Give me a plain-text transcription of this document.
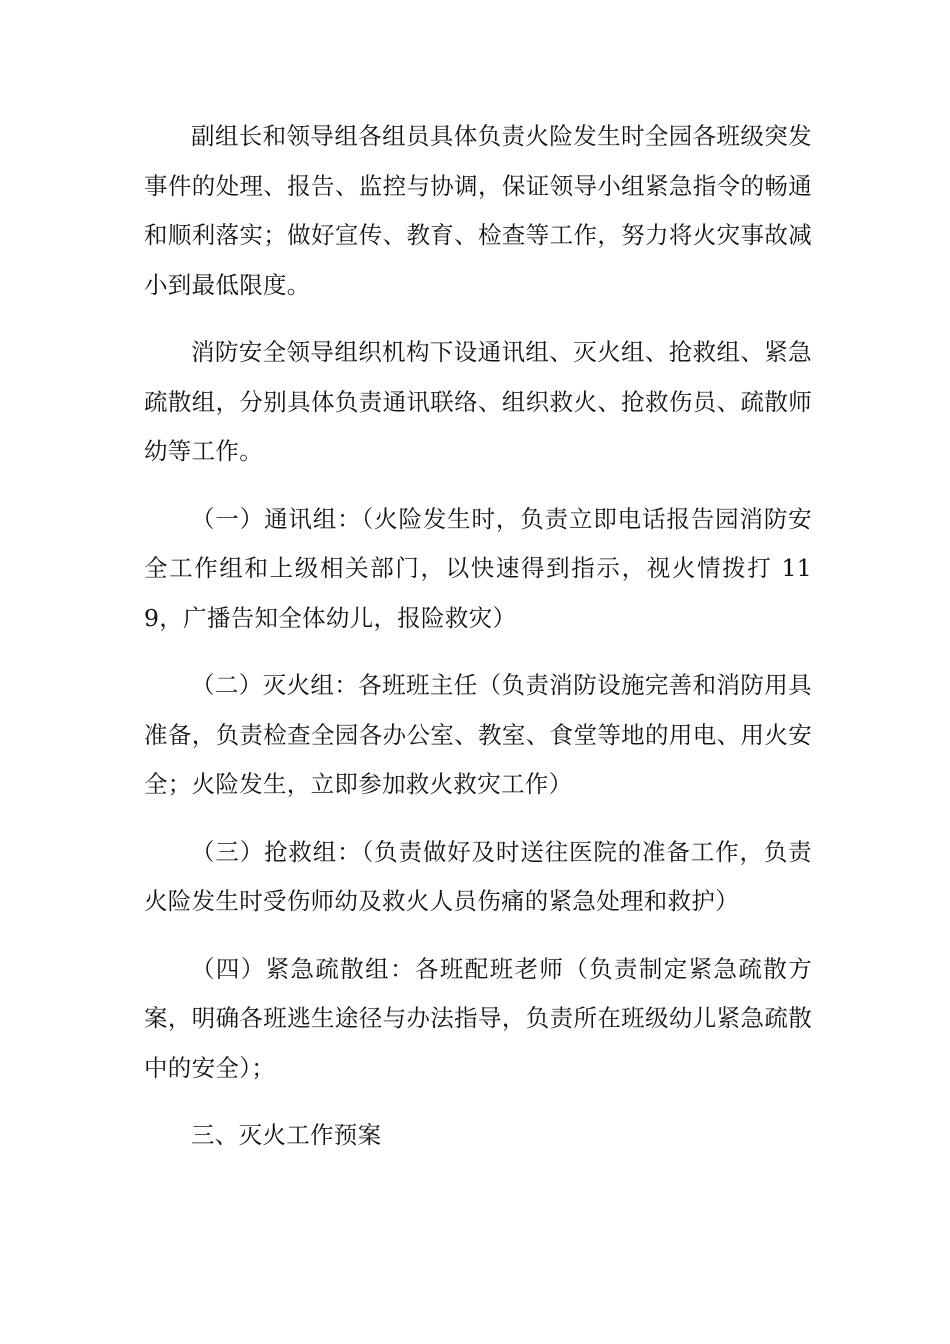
副组长和领导组各组员具体负责火险发生时全园各班级突发事件的处理、报告、监控与协调，保证领导小组紧急指令的畅通和顺利落实；做好宣传、教育、检查等工作，努力将火灾事故减小到最低限度。

消防安全领导组织机构下设通讯组、灭火组、抢救组、紧急疏散组，分别具体负责通讯联络、组织救火、抢救伤员、疏散师幼等工作。

（一）通讯组：（火险发生时，负责立即电话报告园消防安全工作组和上级相关部门，以快速得到指示，视火情拨打 119，广播告知全体幼儿，报险救灾）

（二）灭火组：各班班主任（负责消防设施完善和消防用具准备，负责检查全园各办公室、教室、食堂等地的用电、用火安全；火险发生，立即参加救火救灾工作）

（三）抢救组：（负责做好及时送往医院的准备工作，负责火险发生时受伤师幼及救火人员伤痛的紧急处理和救护）

（四）紧急疏散组：各班配班老师（负责制定紧急疏散方案，明确各班逃生途径与办法指导，负责所在班级幼儿紧急疏散中的安全）；

三、灭火工作预案
